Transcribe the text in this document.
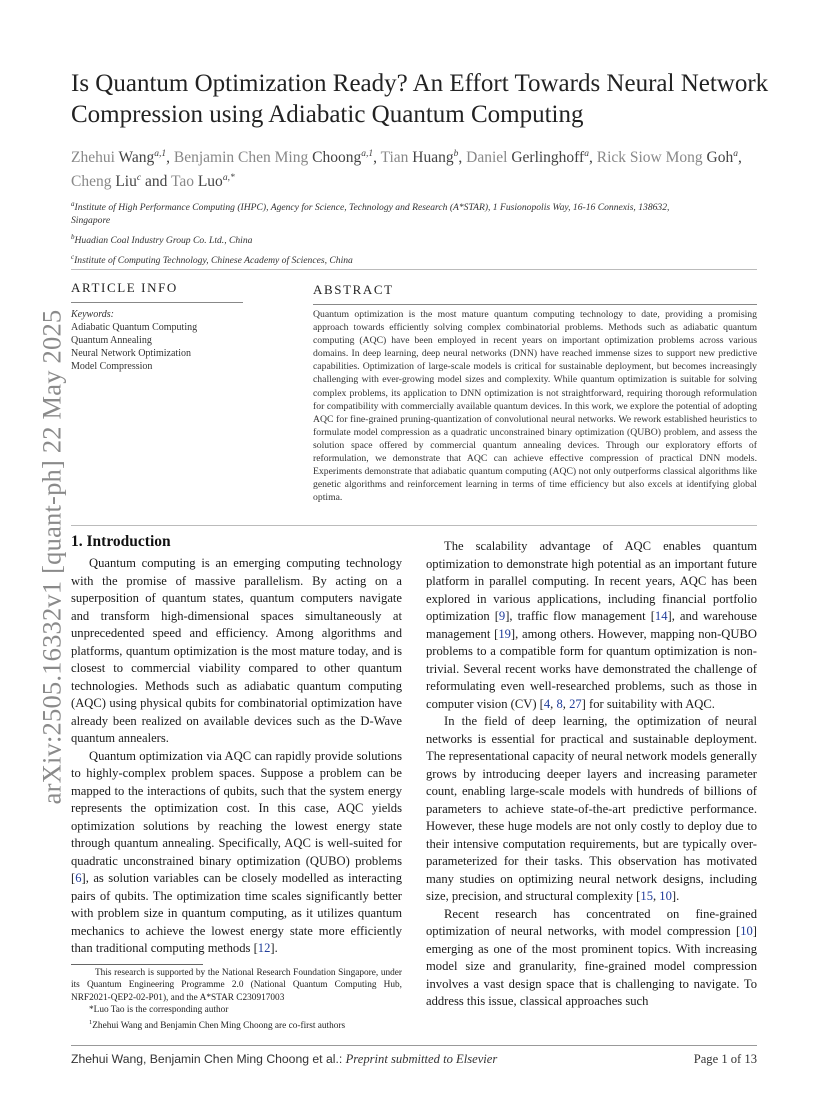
arXiv:2505.16332v1 [quant-ph] 22 May 2025
Is Quantum Optimization Ready? An Effort Towards Neural Network Compression using Adiabatic Quantum Computing
Zhehui Wang$^{a,1}$, Benjamin Chen Ming Choong$^{a,1}$, Tian Huang$^b$, Daniel Gerlinghoff$^a$, Rick Siow Mong Goh$^a$, Cheng Liu$^c$ and Tao Luo$^{a,*}$

$^a$Institute of High Performance Computing (IHPC), Agency for Science, Technology and Research (A*STAR), 1 Fusionopolis Way, 16-16 Connexis, 138632, Singapore

$^b$Huadian Coal Industry Group Co. Ltd., China

$^c$Institute of Computing Technology, Chinese Academy of Sciences, China

ARTICLE INFO	ABSTRACT
Keywords:
Adiabatic Quantum Computing
Quantum Annealing
Neural Network Optimization
Model Compression
Quantum optimization is the most mature quantum computing technology to date, providing a promising approach towards efficiently solving complex combinatorial problems. Methods such as adiabatic quantum computing (AQC) have been employed in recent years on important optimization problems across various domains. In deep learning, deep neural networks (DNN) have reached immense sizes to support new predictive capabilities. Optimization of large-scale models is critical for sustainable deployment, but becomes increasingly challenging with ever-growing model sizes and complexity. While quantum optimization is suitable for solving complex problems, its application to DNN optimization is not straightforward, requiring thorough reformulation for compatibility with commercially available quantum devices. In this work, we explore the potential of adopting AQC for fine-grained pruning-quantization of convolutional neural networks. We rework established heuristics to formulate model compression as a quadratic unconstrained binary optimization (QUBO) problem, and assess the solution space offered by commercial quantum annealing devices. Through our exploratory efforts of reformulation, we demonstrate that AQC can achieve effective compression of practical DNN models. Experiments demonstrate that adiabatic quantum computing (AQC) not only outperforms classical algorithms like genetic algorithms and reinforcement learning in terms of time efficiency but also excels at identifying global optima.
1. Introduction

Quantum computing is an emerging computing technology with the promise of massive parallelism. By acting on a superposition of quantum states, quantum computers navigate and transform high-dimensional spaces simultaneously at unprecedented speed and efficiency. Among algorithms and platforms, quantum optimization is the most mature today, and is closest to commercial viability compared to other quantum technologies. Methods such as adiabatic quantum computing (AQC) using physical qubits for combinatorial optimization have already been realized on available devices such as the D-Wave quantum annealers.

Quantum optimization via AQC can rapidly provide solutions to highly-complex problem spaces. Suppose a problem can be mapped to the interactions of qubits, such that the system energy represents the optimization cost. In this case, AQC yields optimization solutions by reaching the lowest energy state through quantum annealing. Specifically, AQC is well-suited for quadratic unconstrained binary optimization (QUBO) problems [6], as solution variables can be closely modelled as interacting pairs of qubits. The optimization time scales significantly better with problem size in quantum computing, as it utilizes quantum mechanics to achieve the lowest energy state more efficiently than traditional computing methods [12].

The scalability advantage of AQC enables quantum optimization to demonstrate high potential as an important future platform in parallel computing. In recent years, AQC has been explored in various applications, including financial portfolio optimization [9], traffic flow management [14], and warehouse management [19], among others. However, mapping non-QUBO problems to a compatible form for quantum optimization is non-trivial. Several recent works have demonstrated the challenge of reformulating even well-researched problems, such as those in computer vision (CV) [4, 8, 27] for suitability with AQC.

In the field of deep learning, the optimization of neural networks is essential for practical and sustainable deployment. The representational capacity of neural network models generally grows by introducing deeper layers and increasing parameter count, enabling large-scale models with hundreds of billions of parameters to achieve state-of-the-art predictive performance. However, these huge models are not only costly to deploy due to their intensive computation requirements, but are typically over-parameterized for their tasks. This observation has motivated many studies on optimizing neural network designs, including size, precision, and structural complexity [15, 10].

Recent research has concentrated on fine-grained optimization of neural networks, with model compression [10] emerging as one of the most prominent topics. With increasing model size and granularity, fine-grained model compression involves a vast design space that is challenging to navigate. To address this issue, classical approaches such

This research is supported by the National Research Foundation Singapore, under its Quantum Engineering Programme 2.0 (National Quantum Computing Hub, NRF2021-QEP2-02-P01), and the A*STAR C230917003

*Luo Tao is the corresponding author

$^1$Zhehui Wang and Benjamin Chen Ming Choong are co-first authors

Zhehui Wang, Benjamin Chen Ming Choong et al.: Preprint submitted to Elsevier	Page 1 of 13
